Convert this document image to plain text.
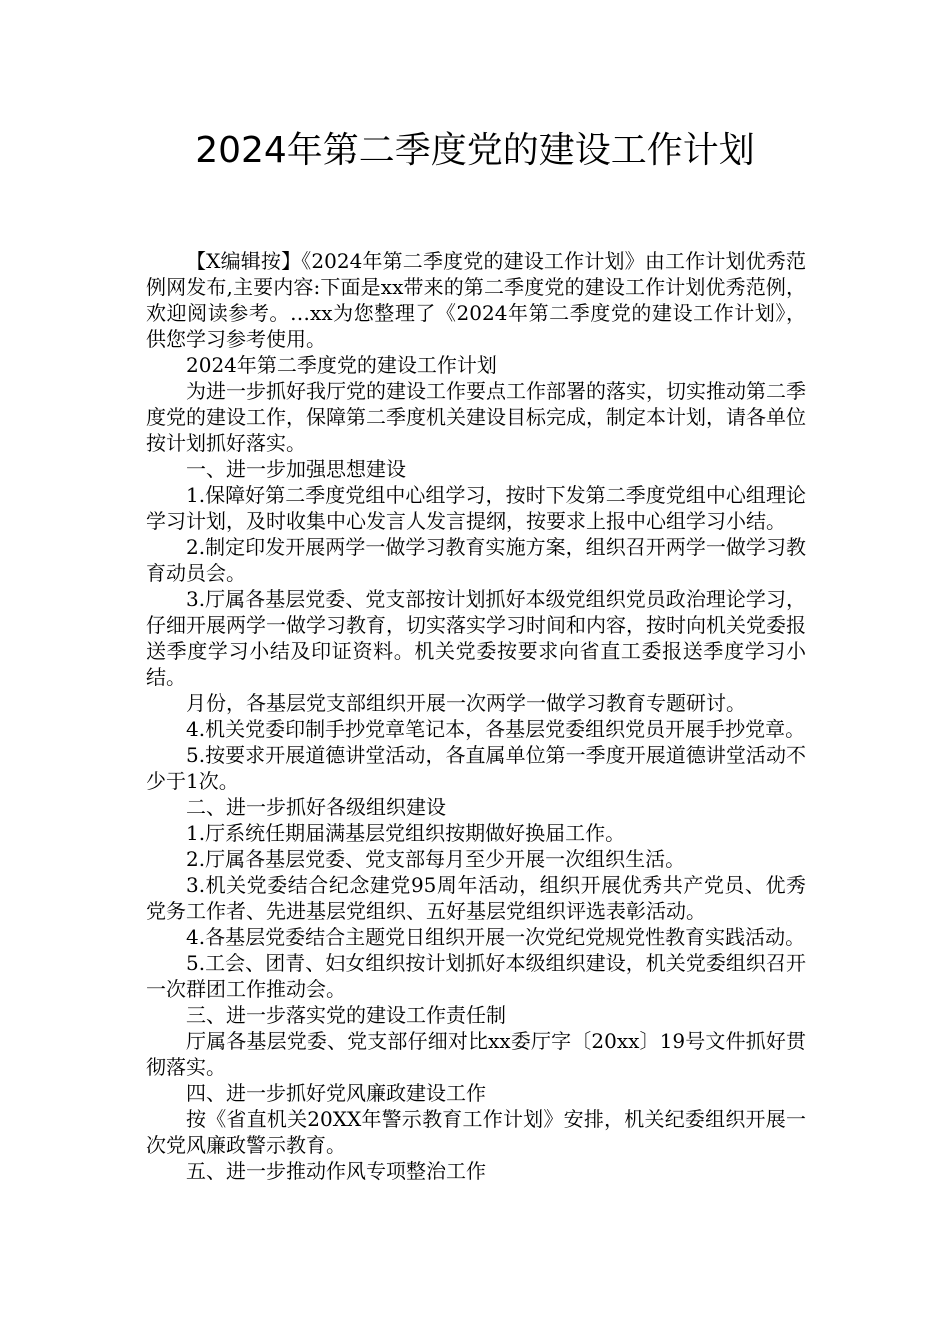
2024年第二季度党的建设工作计划

【X编辑按】《2024年第二季度党的建设工作计划》由工作计划优秀范例网发布,主要内容:下面是xx带来的第二季度党的建设工作计划优秀范例，欢迎阅读参考。…xx为您整理了《2024年第二季度党的建设工作计划》，供您学习参考使用。

2024年第二季度党的建设工作计划

为进一步抓好我厅党的建设工作要点工作部署的落实，切实推动第二季度党的建设工作，保障第二季度机关建设目标完成，制定本计划，请各单位按计划抓好落实。

一、进一步加强思想建设

1.保障好第二季度党组中心组学习，按时下发第二季度党组中心组理论学习计划，及时收集中心发言人发言提纲，按要求上报中心组学习小结。

2.制定印发开展两学一做学习教育实施方案，组织召开两学一做学习教育动员会。

3.厅属各基层党委、党支部按计划抓好本级党组织党员政治理论学习，仔细开展两学一做学习教育，切实落实学习时间和内容，按时向机关党委报送季度学习小结及印证资料。机关党委按要求向省直工委报送季度学习小结。

月份，各基层党支部组织开展一次两学一做学习教育专题研讨。

4.机关党委印制手抄党章笔记本，各基层党委组织党员开展手抄党章。

5.按要求开展道德讲堂活动，各直属单位第一季度开展道德讲堂活动不少于1次。

二、进一步抓好各级组织建设

1.厅系统任期届满基层党组织按期做好换届工作。

2.厅属各基层党委、党支部每月至少开展一次组织生活。

3.机关党委结合纪念建党95周年活动，组织开展优秀共产党员、优秀党务工作者、先进基层党组织、五好基层党组织评选表彰活动。

4.各基层党委结合主题党日组织开展一次党纪党规党性教育实践活动。

5.工会、团青、妇女组织按计划抓好本级组织建设，机关党委组织召开一次群团工作推动会。

三、进一步落实党的建设工作责任制

厅属各基层党委、党支部仔细对比xx委厅字〔20xx〕19号文件抓好贯彻落实。

四、进一步抓好党风廉政建设工作

按《省直机关20XX年警示教育工作计划》安排，机关纪委组织开展一次党风廉政警示教育。

五、进一步推动作风专项整治工作
